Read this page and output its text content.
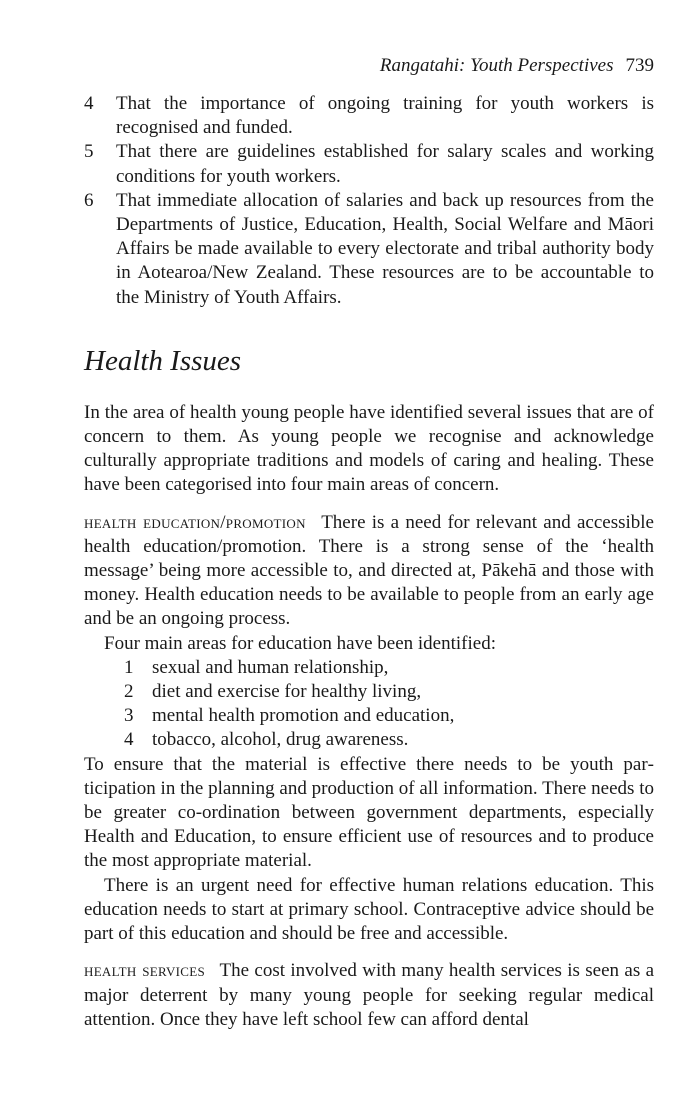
Rangatahi: Youth Perspectives 739
4 That the importance of ongoing training for youth workers is recognised and funded.
5 That there are guidelines established for salary scales and working conditions for youth workers.
6 That immediate allocation of salaries and back up resources from the Departments of Justice, Education, Health, Social Welfare and Māori Affairs be made available to every electorate and tribal authority body in Aotearoa/New Zealand. These resources are to be accountable to the Ministry of Youth Affairs.
Health Issues

In the area of health young people have identified several issues that are of concern to them. As young people we recognise and acknowledge culturally appropriate traditions and models of caring and healing. These have been categorised into four main areas of concern.

health education/promotion  There is a need for relevant and accessible health education/promotion. There is a strong sense of the ‘health message’ being more accessible to, and directed at, Pākehā and those with money. Health education needs to be available to people from an early age and be an ongoing process.

Four main areas for education have been identified:

1 sexual and human relationship,
2 diet and exercise for healthy living,
3 mental health promotion and education,
4 tobacco, alcohol, drug awareness.

To ensure that the material is effective there needs to be youth participation in the planning and production of all information. There needs to be greater co-ordination between government departments, especially Health and Education, to ensure efficient use of resources and to produce the most appropriate material.

There is an urgent need for effective human relations education. This education needs to start at primary school. Contraceptive advice should be part of this education and should be free and accessible.

health services  The cost involved with many health services is seen as a major deterrent by many young people for seeking regular medical attention. Once they have left school few can afford dental
